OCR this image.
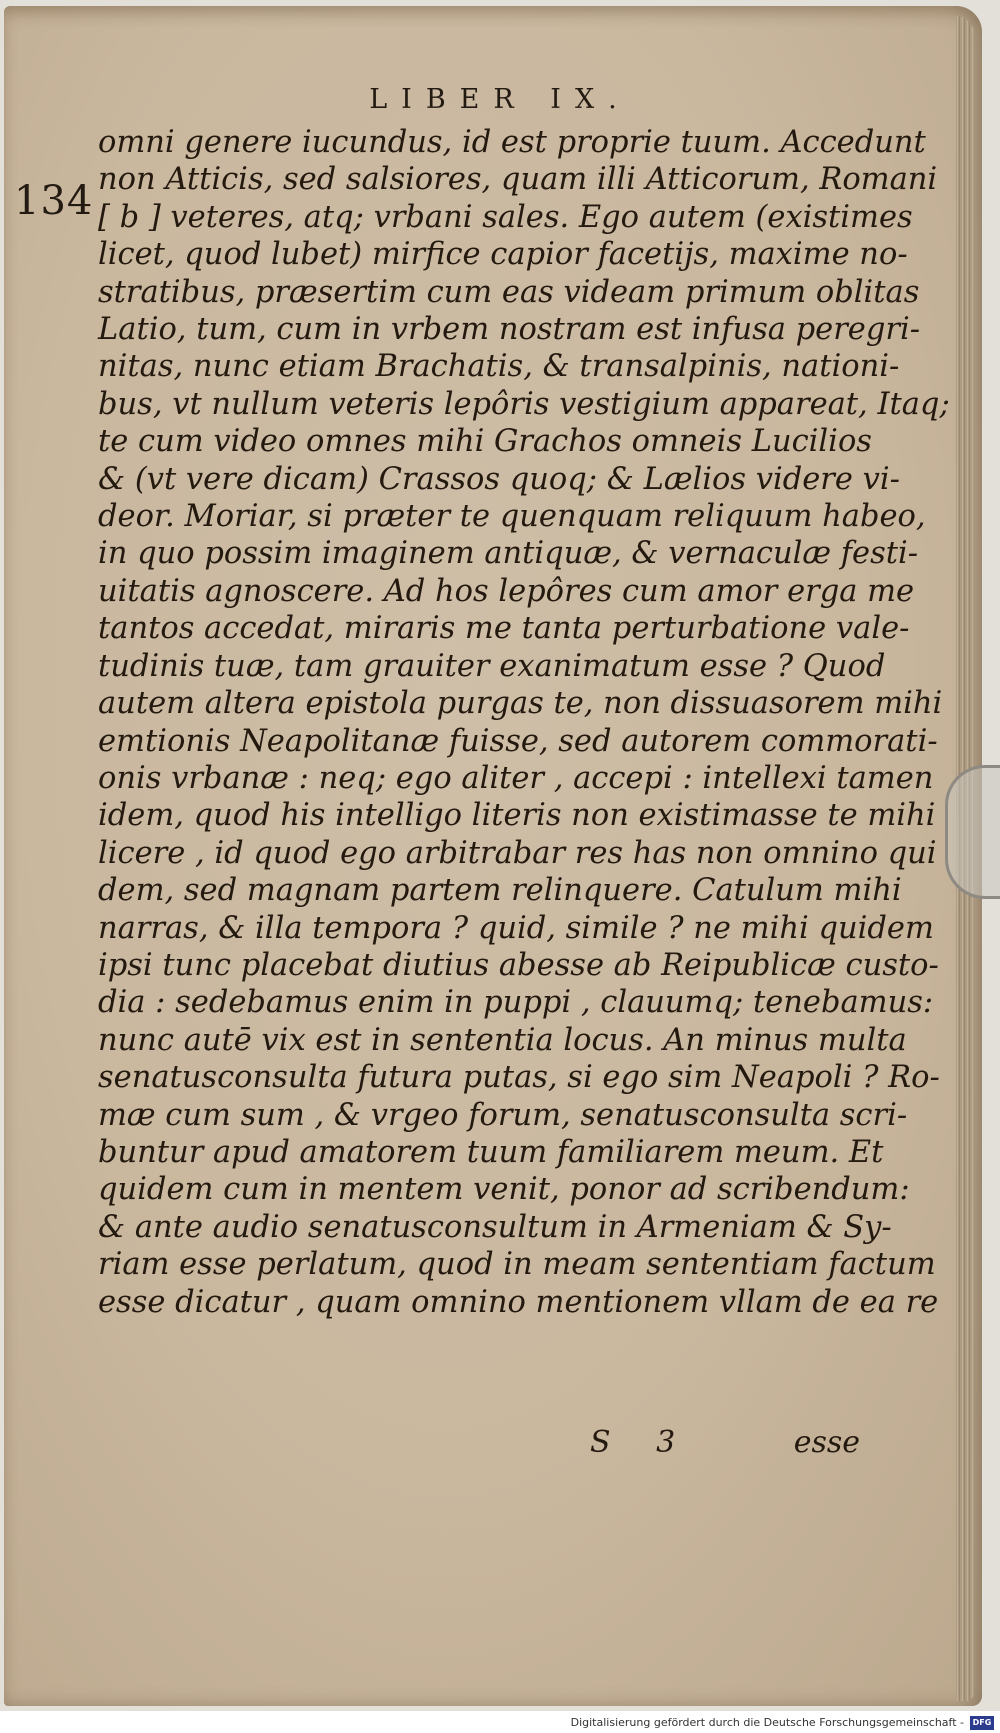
LIBER IX.
134
omni genere iucundus, id est proprie tuum. Accedunt
non Atticis, sed salsiores, quam illi Atticorum, Romani
[ b ] veteres, atq; vrbani sales. Ego autem (existimes
licet, quod lubet) mirfice capior facetijs, maxime no-
stratibus, præsertim cum eas videam primum oblitas
Latio, tum, cum in vrbem nostram est infusa peregri-
nitas, nunc etiam Brachatis, & transalpinis, nationi-
bus, vt nullum veteris lepôris vestigium appareat, Itaq;
te cum video omnes mihi Grachos omneis Lucilios
& (vt vere dicam) Crassos quoq; & Lælios videre vi-
deor. Moriar, si præter te quenquam reliquum habeo,
in quo possim imaginem antiquæ, & vernaculæ festi-
uitatis agnoscere. Ad hos lepôres cum amor erga me
tantos accedat, miraris me tanta perturbatione vale-
tudinis tuæ, tam grauiter exanimatum esse ? Quod
autem altera epistola purgas te, non dissuasorem mihi
emtionis Neapolitanæ fuisse, sed autorem commorati-
onis vrbanæ : neq; ego aliter , accepi : intellexi tamen
idem, quod his intelligo literis non existimasse te mihi
licere , id quod ego arbitrabar res has non omnino qui
dem, sed magnam partem relinquere. Catulum mihi
narras, & illa tempora ? quid, simile ? ne mihi quidem
ipsi tunc placebat diutius abesse ab Reipublicæ custo-
dia : sedebamus enim in puppi , clauumq; tenebamus:
nunc autē vix est in sententia locus. An minus multa
senatusconsulta futura putas, si ego sim Neapoli ? Ro-
mæ cum sum , & vrgeo forum, senatusconsulta scri-
buntur apud amatorem tuum familiarem meum. Et
quidem cum in mentem venit, ponor ad scribendum:
& ante audio senatusconsultum in Armeniam & Sy-
riam esse perlatum, quod in meam sententiam factum
esse dicatur , quam omnino mentionem vllam de ea re
S 3	esse
Digitalisierung gefördert durch die Deutsche Forschungsgemeinschaft -	DFG
